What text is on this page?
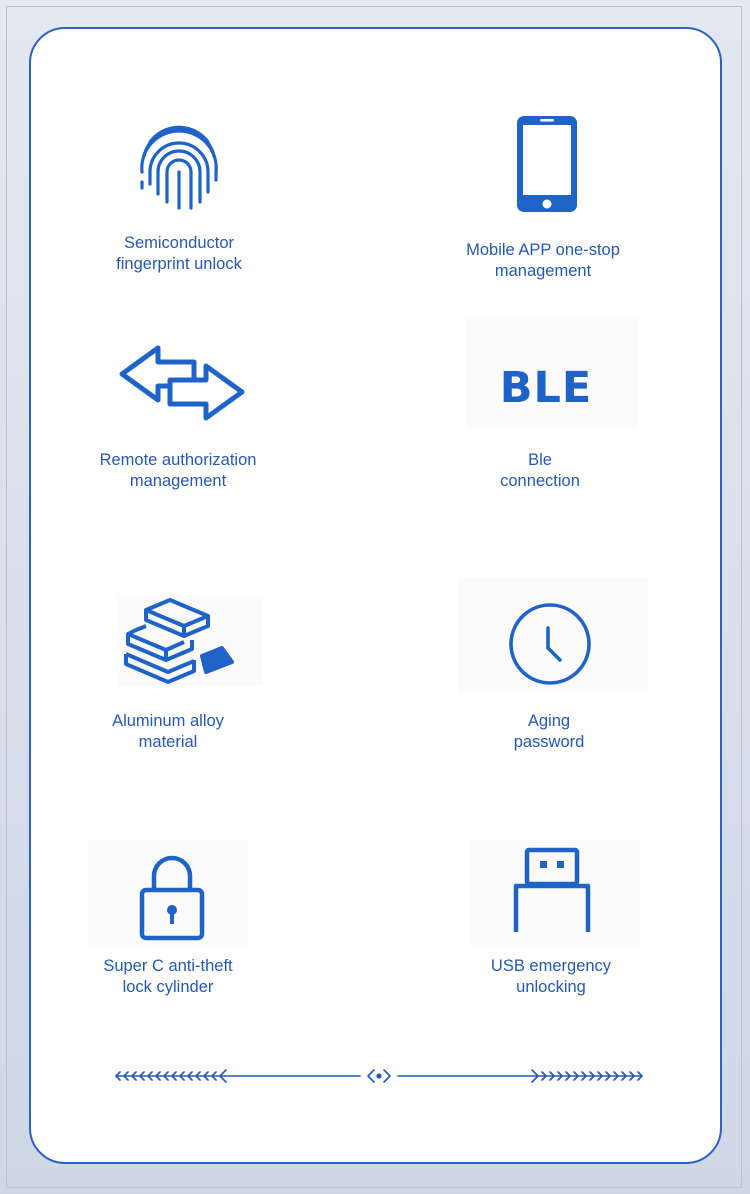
Semiconductor
fingerprint unlock
Mobile APP one-stop
management
Remote authorization
management
BLE
Ble
connection
Aluminum alloy
material
Aging
password
Super C anti-theft
lock cylinder
USB emergency
unlocking
